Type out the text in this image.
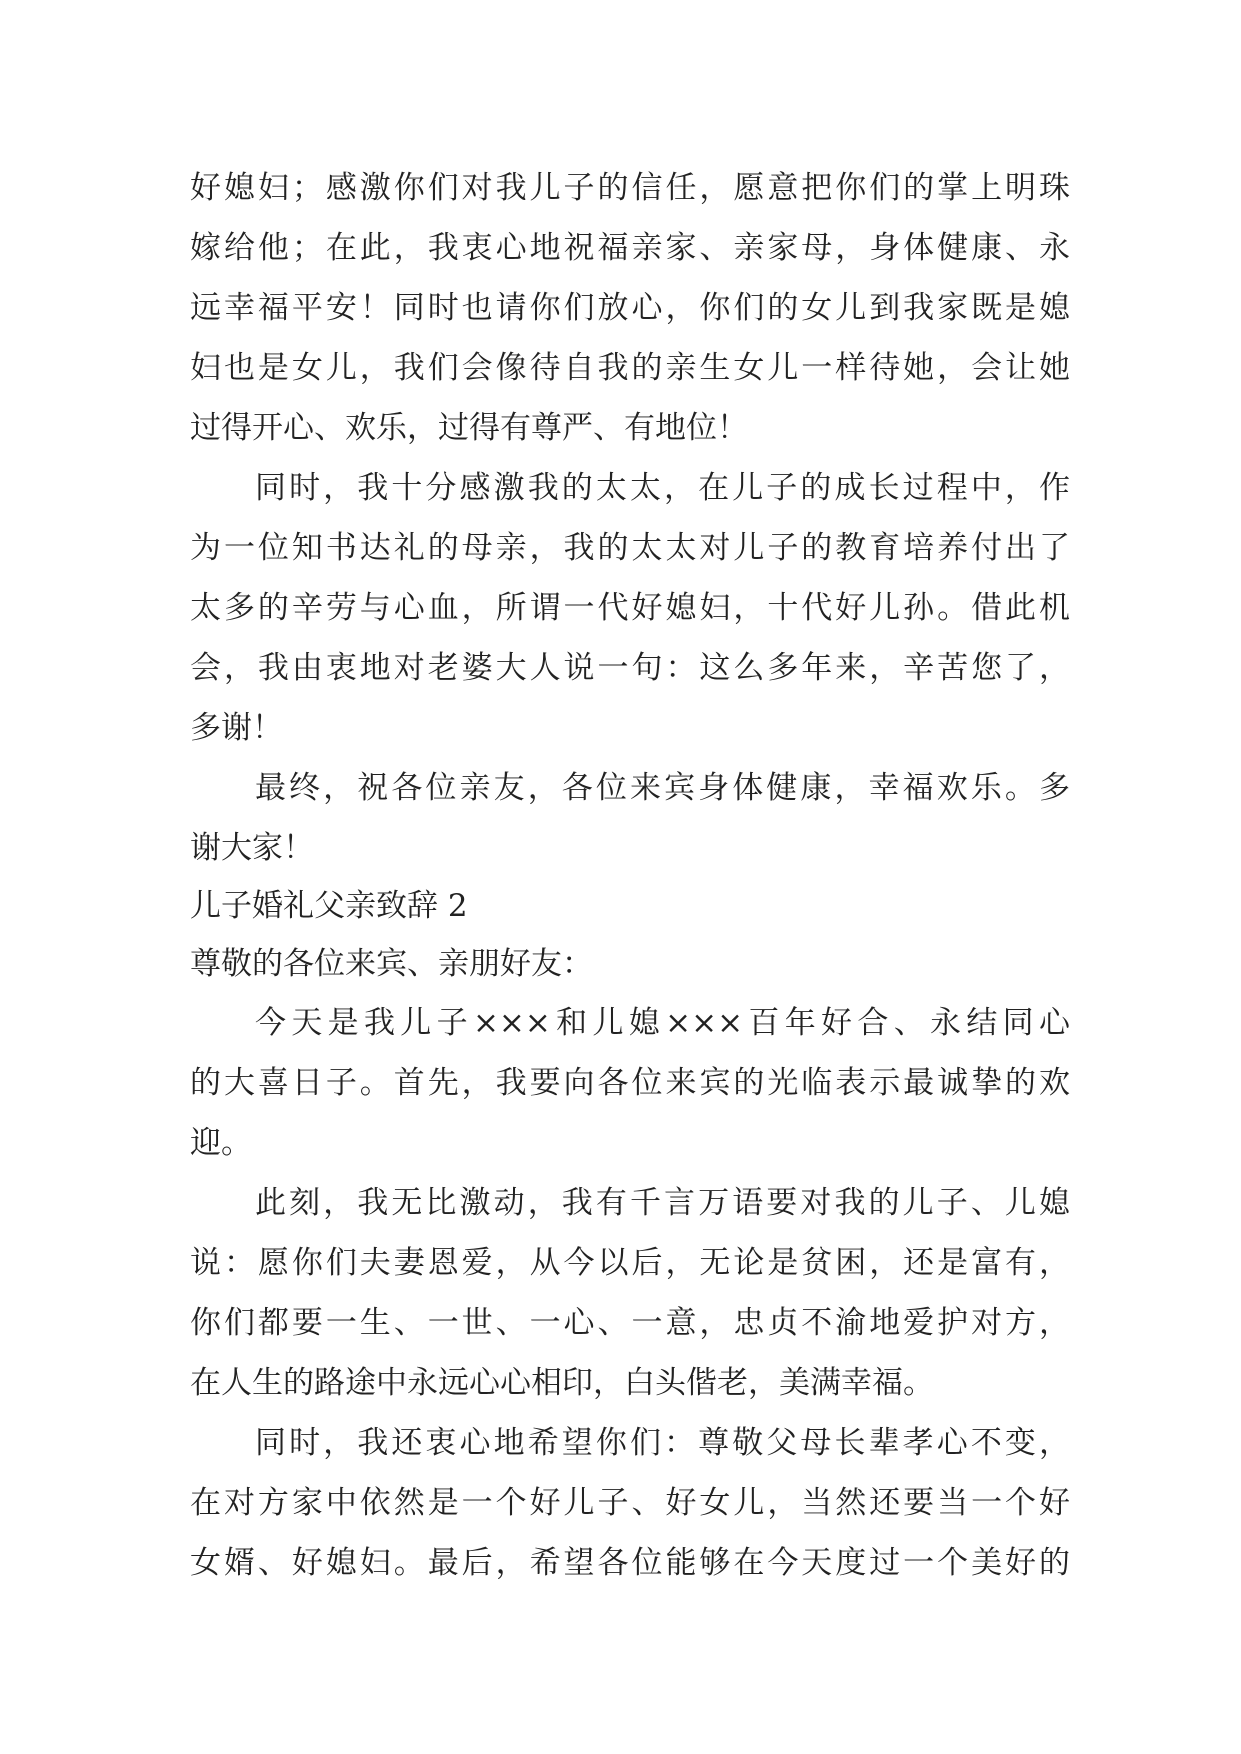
好媳妇；感激你们对我儿子的信任，愿意把你们的掌上明珠
嫁给他；在此，我衷心地祝福亲家、亲家母，身体健康、永
远幸福平安！同时也请你们放心，你们的女儿到我家既是媳
妇也是女儿，我们会像待自我的亲生女儿一样待她，会让她
过得开心、欢乐，过得有尊严、有地位！
同时，我十分感激我的太太，在儿子的成长过程中，作
为一位知书达礼的母亲，我的太太对儿子的教育培养付出了
太多的辛劳与心血，所谓一代好媳妇，十代好儿孙。借此机
会，我由衷地对老婆大人说一句：这么多年来，辛苦您了，
多谢！
最终，祝各位亲友，各位来宾身体健康，幸福欢乐。多
谢大家！
儿子婚礼父亲致辞 2
尊敬的各位来宾、亲朋好友：
今天是我儿子×××和儿媳×××百年好合、永结同心
的大喜日子。首先，我要向各位来宾的光临表示最诚挚的欢
迎。
此刻，我无比激动，我有千言万语要对我的儿子、儿媳
说：愿你们夫妻恩爱，从今以后，无论是贫困，还是富有，
你们都要一生、一世、一心、一意，忠贞不渝地爱护对方，
在人生的路途中永远心心相印，白头偕老，美满幸福。
同时，我还衷心地希望你们：尊敬父母长辈孝心不变，
在对方家中依然是一个好儿子、好女儿，当然还要当一个好
女婿、好媳妇。最后，希望各位能够在今天度过一个美好的
